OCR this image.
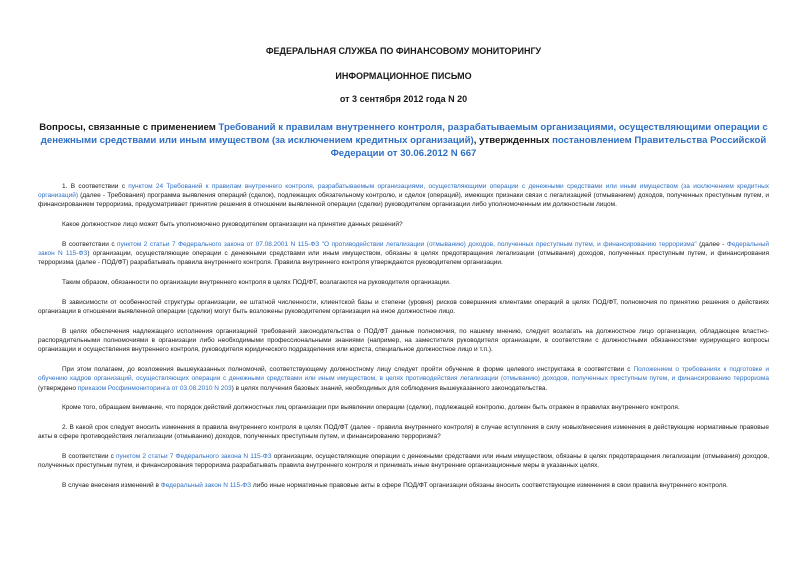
ФЕДЕРАЛЬНАЯ СЛУЖБА ПО ФИНАНСОВОМУ МОНИТОРИНГУ
ИНФОРМАЦИОННОЕ ПИСЬМО
от 3 сентября 2012 года N 20
Вопросы, связанные с применением Требований к правилам внутреннего контроля, разрабатываемым организациями, осуществляющими операции с денежными средствами или иным имуществом (за исключением кредитных организаций), утвержденных постановлением Правительства Российской Федерации от 30.06.2012 N 667

1. В соответствии с пунктом 24 Требований к правилам внутреннего контроля, разрабатываемым организациями, осуществляющими операции с денежными средствами или иным имуществом (за исключением кредитных организаций) (далее - Требования) программа выявления операций (сделок), подлежащих обязательному контролю, и сделок (операций), имеющих признаки связи с легализацией (отмыванием) доходов, полученных преступным путем, и финансированием терроризма, предусматривает принятие решения в отношении выявленной операции (сделки) руководителем организации либо уполномоченным им должностным лицом.

Какое должностное лицо может быть уполномочено руководителем организации на принятие данных решений?

В соответствии с пунктом 2 статьи 7 Федерального закона от 07.08.2001 N 115-ФЗ "О противодействии легализации (отмыванию) доходов, полученных преступным путем, и финансированию терроризма" (далее - Федеральный закон N 115-ФЗ) организации, осуществляющие операции с денежными средствами или иным имуществом, обязаны в целях предотвращения легализации (отмывания) доходов, полученных преступным путем, и финансирования терроризма (далее - ПОД/ФТ) разрабатывать правила внутреннего контроля. Правила внутреннего контроля утверждаются руководителем организации.

Таким образом, обязанности по организации внутреннего контроля в целях ПОД/ФТ, возлагаются на руководителя организации.

В зависимости от особенностей структуры организации, ее штатной численности, клиентской базы и степени (уровня) рисков совершения клиентами операций в целях ПОД/ФТ, полномочия по принятию решения о действиях организации в отношении выявленной операции (сделки) могут быть возложены руководителем организации на иное должностное лицо.

В целях обеспечения надлежащего исполнения организацией требований законодательства о ПОД/ФТ данные полномочия, по нашему мнению, следует возлагать на должностное лицо организации, обладающее властно-распорядительными полномочиями в организации либо необходимыми профессиональными знаниями (например, на заместителя руководителя организации, в соответствии с должностными обязанностями курирующего вопросы организации и осуществления внутреннего контроля, руководителя юридического подразделения или юриста, специальное должностное лицо и т.п.).

При этом полагаем, до возложения вышеуказанных полномочий, соответствующему должностному лицу следует пройти обучение в форме целевого инструктажа в соответствии с Положением о требованиях к подготовке и обучению кадров организаций, осуществляющих операции с денежными средствами или иным имуществом, в целях противодействия легализации (отмыванию) доходов, полученных преступным путем, и финансированию терроризма (утверждено приказом Росфинмониторинга от 03.08.2010 N 203) в целях получения базовых знаний, необходимых для соблюдения вышеуказанного законодательства.

Кроме того, обращаем внимание, что порядок действий должностных лиц организации при выявлении операции (сделки), подлежащей контролю, должен быть отражен в правилах внутреннего контроля.

2. В какой срок следует вносить изменения в правила внутреннего контроля в целях ПОД/ФТ (далее - правила внутреннего контроля) в случае вступления в силу новых/внесения изменения в действующие нормативные правовые акты в сфере противодействия легализации (отмыванию) доходов, полученных преступным путем, и финансированию терроризма?

В соответствии с пунктом 2 статьи 7 Федерального закона N 115-ФЗ организации, осуществляющие операции с денежными средствами или иным имуществом, обязаны в целях предотвращения легализации (отмывания) доходов, полученных преступным путем, и финансирования терроризма разрабатывать правила внутреннего контроля и принимать иные внутренние организационные меры в указанных целях.

В случае внесения изменений в Федеральный закон N 115-ФЗ либо иные нормативные правовые акты в сфере ПОД/ФТ организации обязаны вносить соответствующие изменения в свои правила внутреннего контроля.
